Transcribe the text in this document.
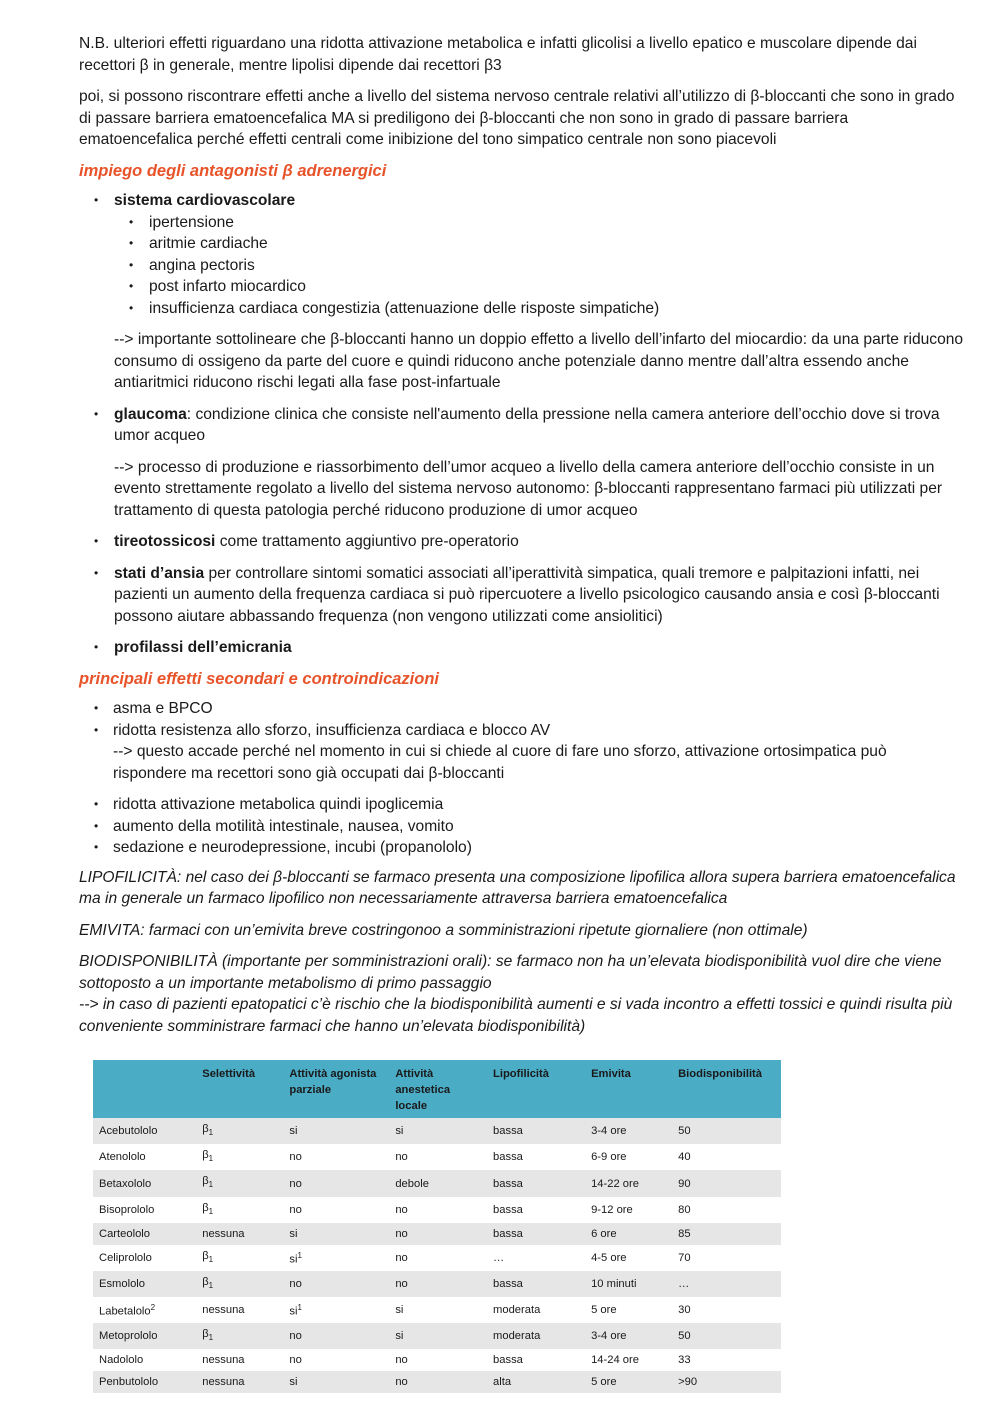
N.B. ulteriori effetti riguardano una ridotta attivazione metabolica e infatti glicolisi a livello epatico e muscolare dipende dai recettori β in generale, mentre lipolisi dipende dai recettori β3

poi, si possono riscontrare effetti anche a livello del sistema nervoso centrale relativi all’utilizzo di β-bloccanti che sono in grado di passare barriera ematoencefalica MA si prediligono dei β-bloccanti che non sono in grado di passare barriera ematoencefalica perché effetti centrali come inibizione del tono simpatico centrale non sono piacevoli

impiego degli antagonisti β adrenergici
• sistema cardiovascolare
• ipertensione
• aritmie cardiache
• angina pectoris
• post infarto miocardico
• insufficienza cardiaca congestizia (attenuazione delle risposte simpatiche)
--> importante sottolineare che β-bloccanti hanno un doppio effetto a livello dell’infarto del miocardio: da una parte riducono consumo di ossigeno da parte del cuore e quindi riducono anche potenziale danno mentre dall’altra essendo anche antiaritmici riducono rischi legati alla fase post-infartuale
• glaucoma: condizione clinica che consiste nell'aumento della pressione nella camera anteriore dell’occhio dove si trova umor acqueo
--> processo di produzione e riassorbimento dell’umor acqueo a livello della camera anteriore dell’occhio consiste in un evento strettamente regolato a livello del sistema nervoso autonomo: β-bloccanti rappresentano farmaci più utilizzati per trattamento di questa patologia perché riducono produzione di umor acqueo
• tireotossicosi come trattamento aggiuntivo pre-operatorio
• stati d’ansia per controllare sintomi somatici associati all’iperattività simpatica, quali tremore e palpitazioni infatti, nei pazienti un aumento della frequenza cardiaca si può ripercuotere a livello psicologico causando ansia e così β-bloccanti possono aiutare abbassando frequenza (non vengono utilizzati come ansiolitici)
• profilassi dell’emicrania
principali effetti secondari e controindicazioni
• asma e BPCO
• ridotta resistenza allo sforzo, insufficienza cardiaca e blocco AV
--> questo accade perché nel momento in cui si chiede al cuore di fare uno sforzo, attivazione ortosimpatica può rispondere ma recettori sono già occupati dai β-bloccanti
• ridotta attivazione metabolica quindi ipoglicemia
• aumento della motilità intestinale, nausea, vomito
• sedazione e neurodepressione, incubi (propanololo)

LIPOFILICITÀ: nel caso dei β-bloccanti se farmaco presenta una composizione lipofilica allora supera barriera ematoencefalica ma in generale un farmaco lipofilico non necessariamente attraversa barriera ematoencefalica

EMIVITA: farmaci con un’emivita breve costringonoo a somministrazioni ripetute giornaliere (non ottimale)

BIODISPONIBILITÀ (importante per somministrazioni orali): se farmaco non ha un’elevata biodisponibilità vuol dire che viene sottoposto a un importante metabolismo di primo passaggio
--> in caso di pazienti epatopatici c’è rischio che la biodisponibilità aumenti e si vada incontro a effetti tossici e quindi risulta più conveniente somministrare farmaci che hanno un’elevata biodisponibilità)
	Selettività	Attività agonista parziale	Attività anestetica locale	Lipofilicità	Emivita	Biodisponibilità
Acebutololo	$\beta_1$	si	si	bassa	3-4 ore	50
Atenololo	$\beta_1$	no	no	bassa	6-9 ore	40
Betaxololo	$\beta_1$	no	debole	bassa	14-22 ore	90
Bisoprololo	$\beta_1$	no	no	bassa	9-12 ore	80
Carteololo	nessuna	si	no	bassa	6 ore	85
Celiprololo	$\beta_1$	$si^1$	no	…	4-5 ore	70
Esmololo	$\beta_1$	no	no	bassa	10 minuti	…
Labetalolo$^2$	nessuna	$si^1$	si	moderata	5 ore	30
Metoprololo	$\beta_1$	no	si	moderata	3-4 ore	50
Nadololo	nessuna	no	no	bassa	14-24 ore	33
Penbutololo	nessuna	si	no	alta	5 ore	>90
